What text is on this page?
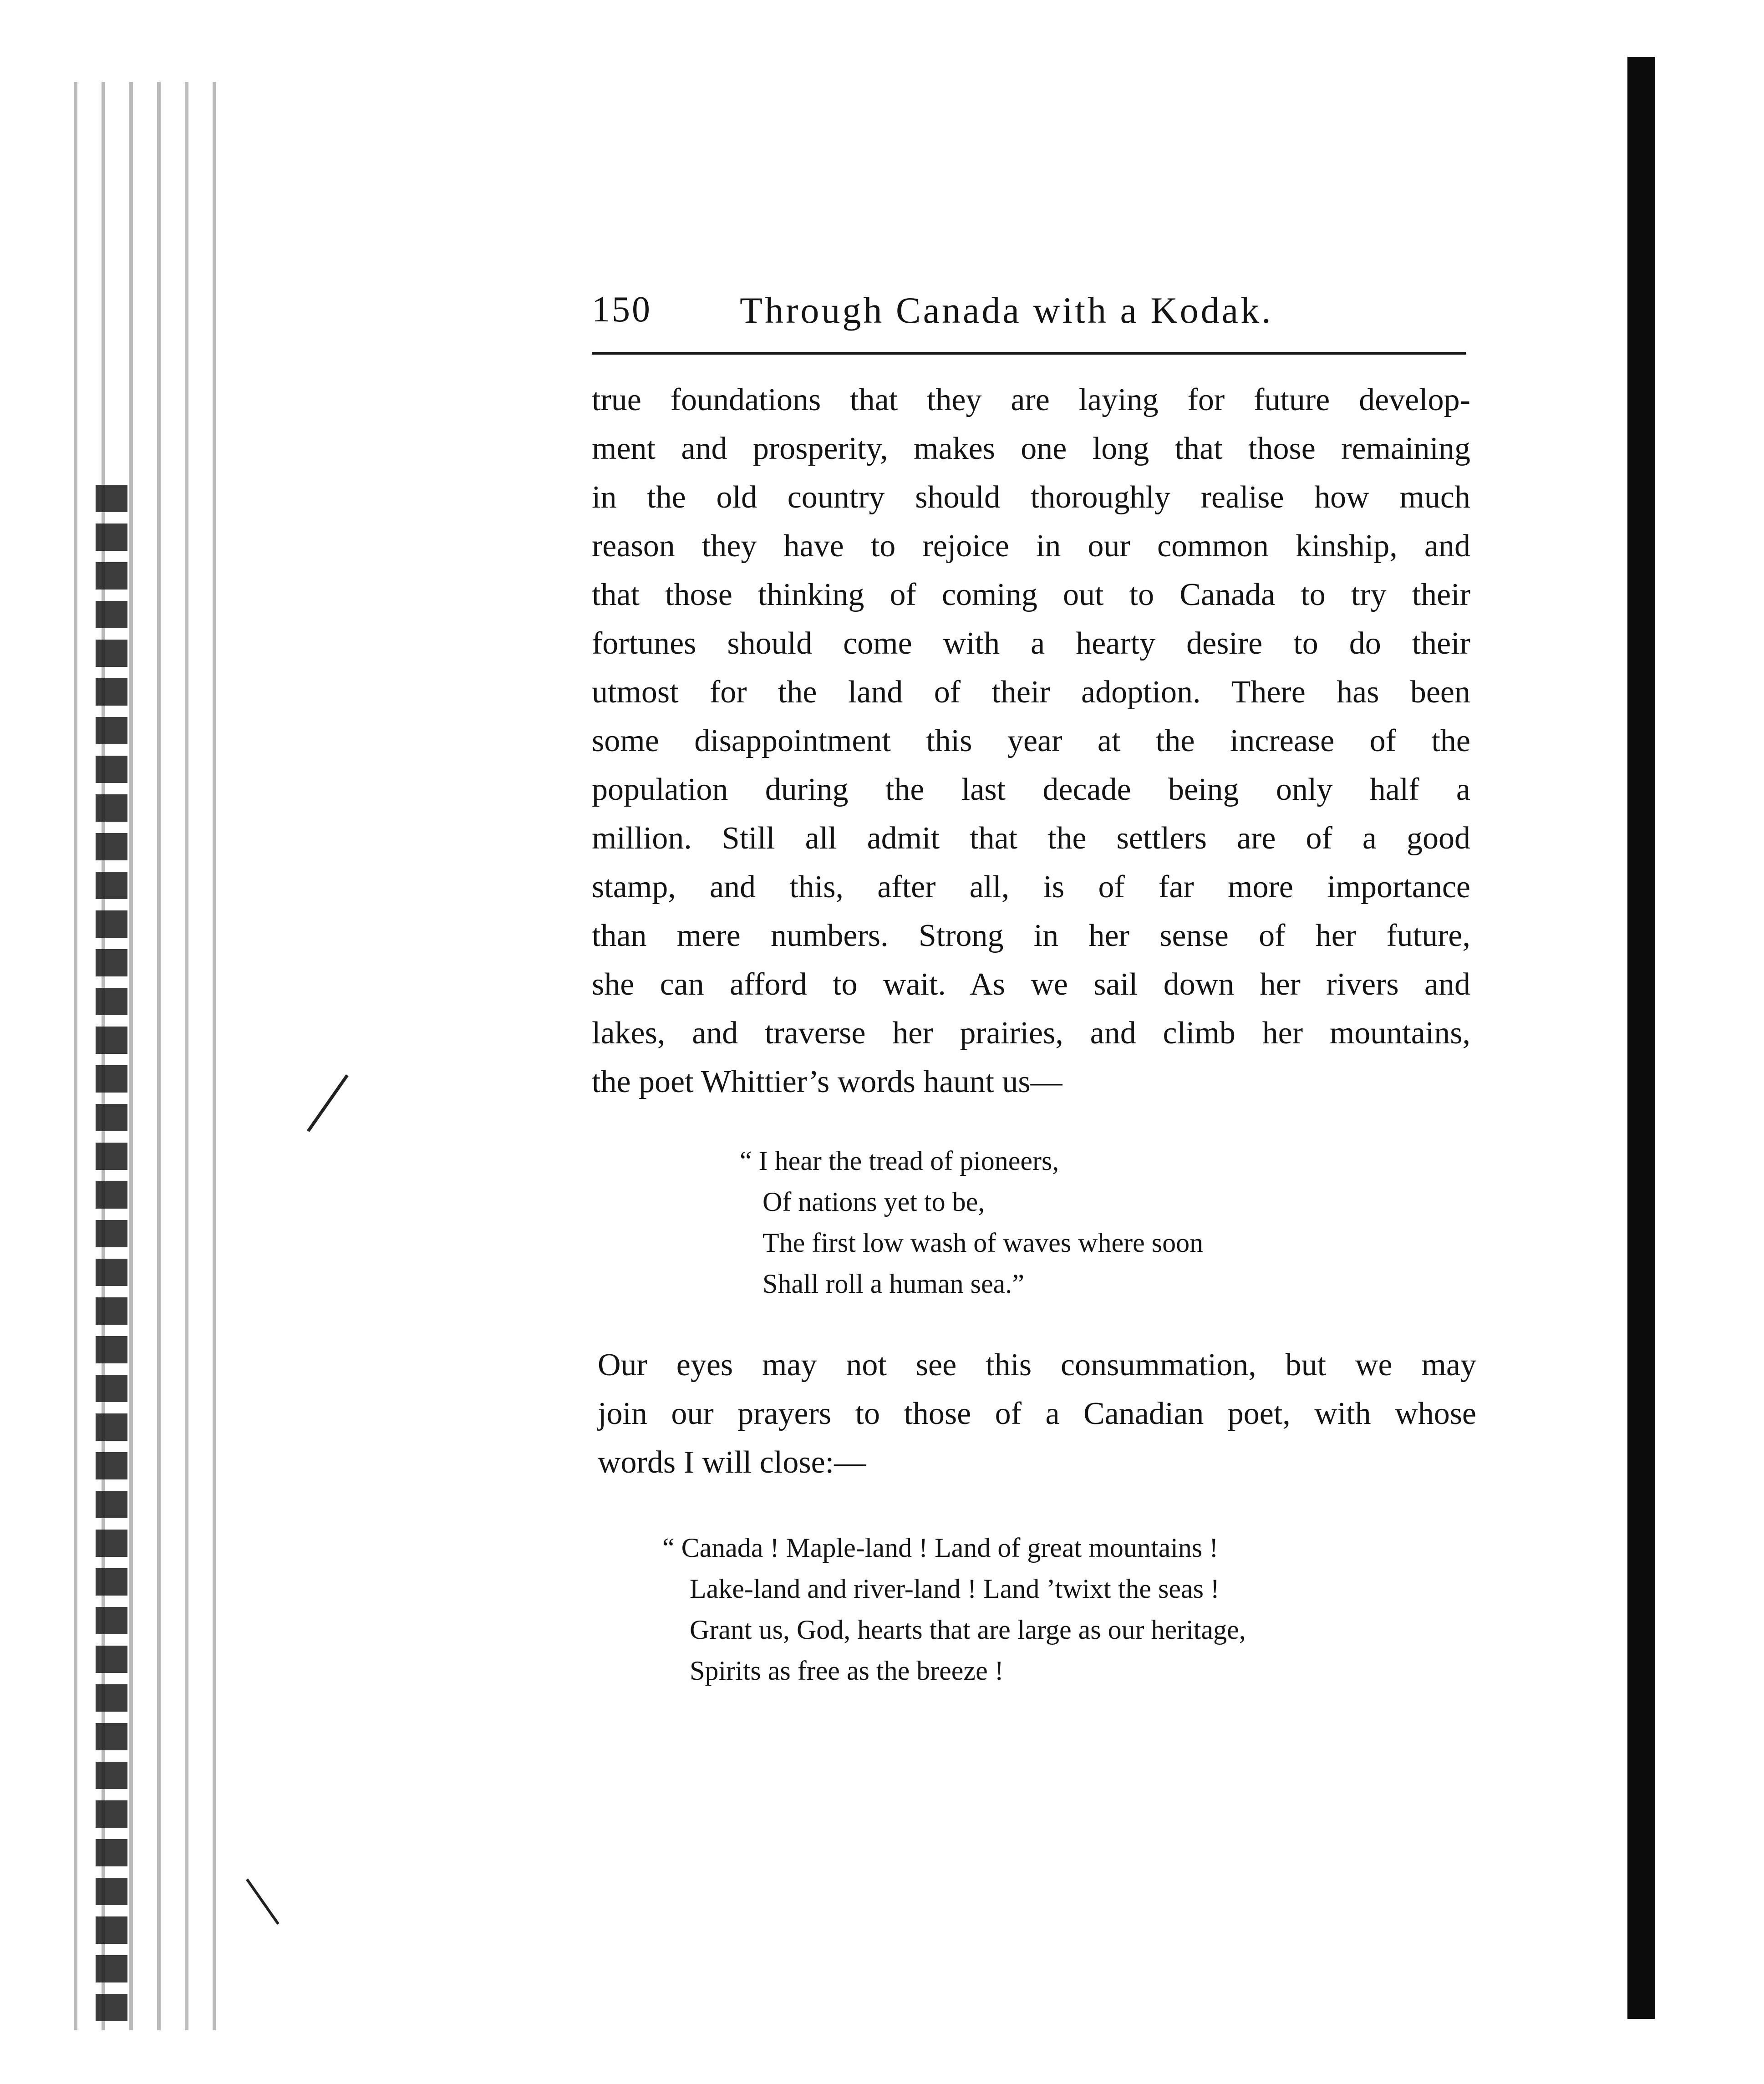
150 Through Canada with a Kodak.
true foundations that they are laying for future develop-
ment and prosperity, makes one long that those remaining
in the old country should thoroughly realise how much
reason they have to rejoice in our common kinship, and
that those thinking of coming out to Canada to try their
fortunes should come with a hearty desire to do their
utmost for the land of their adoption. There has been
some disappointment this year at the increase of the
population during the last decade being only half a
million. Still all admit that the settlers are of a good
stamp, and this, after all, is of far more importance
than mere numbers. Strong in her sense of her future,
she can afford to wait. As we sail down her rivers and
lakes, and traverse her prairies, and climb her mountains,
the poet Whittier’s words haunt us—
“ I hear the tread of pioneers,
Of nations yet to be,
The first low wash of waves where soon
Shall roll a human sea.”
Our eyes may not see this consummation, but we may
join our prayers to those of a Canadian poet, with whose
words I will close:—
“ Canada ! Maple-land ! Land of great mountains !
Lake-land and river-land ! Land ’twixt the seas !
Grant us, God, hearts that are large as our heritage,
Spirits as free as the breeze !
